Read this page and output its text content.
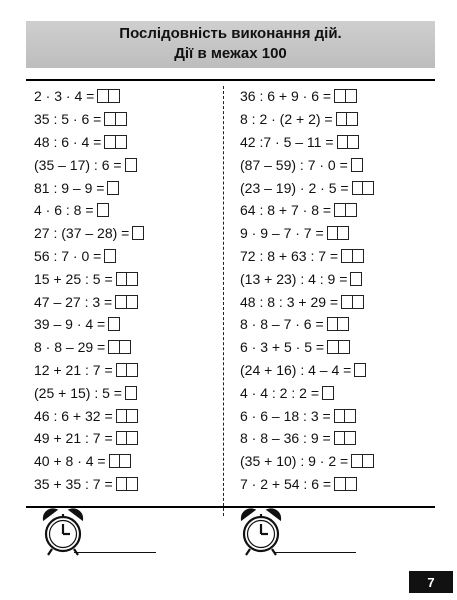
Послідовність виконання дій.
Дії в межах 100
2 · 3 · 4 =
35 : 5 · 6 =
48 : 6 · 4 =
(35 – 17) : 6 =
81 : 9 – 9 =
4 · 6 : 8 =
27 : (37 – 28) =
56 : 7 · 0 =
15 + 25 : 5 =
47 – 27 : 3 =
39 – 9 · 4 =
8 · 8 – 29 =
12 + 21 : 7 =
(25 + 15) : 5 =
46 : 6 + 32 =
49 + 21 : 7 =
40 + 8 · 4 =
35 + 35 : 7 =
36 : 6 + 9 · 6 =
8 : 2 · (2 + 2) =
42 :7 · 5 – 11 =
(87 – 59) : 7 · 0 =
(23 – 19) · 2 · 5 =
64 : 8 + 7 · 8 =
9 · 9 – 7 · 7 =
72 : 8 + 63 : 7 =
(13 + 23) : 4 : 9 =
48 : 8 : 3 + 29 =
8 · 8 – 7 · 6 =
6 · 3 + 5 · 5 =
(24 + 16) : 4 – 4 =
4 · 4 : 2 : 2 =
6 · 6 – 18 : 3 =
8 · 8 – 36 : 9 =
(35 + 10) : 9 · 2 =
7 · 2 + 54 : 6 =
7
